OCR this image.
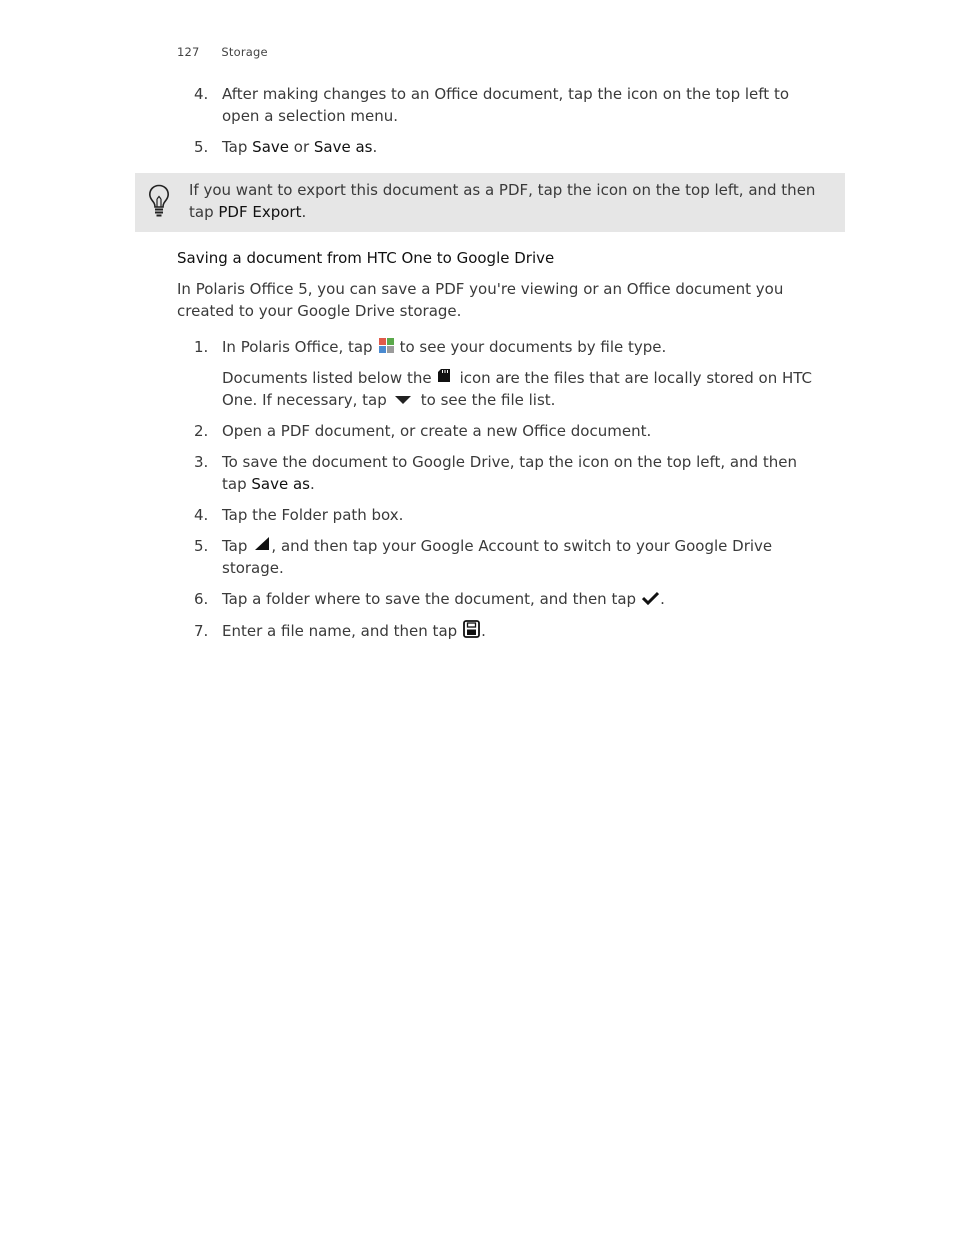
127 Storage
4. After making changes to an Office document, tap the icon on the top left to open a selection menu.
5. Tap Save or Save as.
If you want to export this document as a PDF, tap the icon on the top left, and then tap PDF Export.
Saving a document from HTC One to Google Drive
In Polaris Office 5, you can save a PDF you're viewing or an Office document you created to your Google Drive storage.
1. In Polaris Office, tap to see your documents by file type.
Documents listed below the icon are the files that are locally stored on HTC One. If necessary, tap to see the file list.
2. Open a PDF document, or create a new Office document.
3. To save the document to Google Drive, tap the icon on the top left, and then tap Save as.
4. Tap the Folder path box.
5. Tap , and then tap your Google Account to switch to your Google Drive storage.
6. Tap a folder where to save the document, and then tap .
7. Enter a file name, and then tap .
